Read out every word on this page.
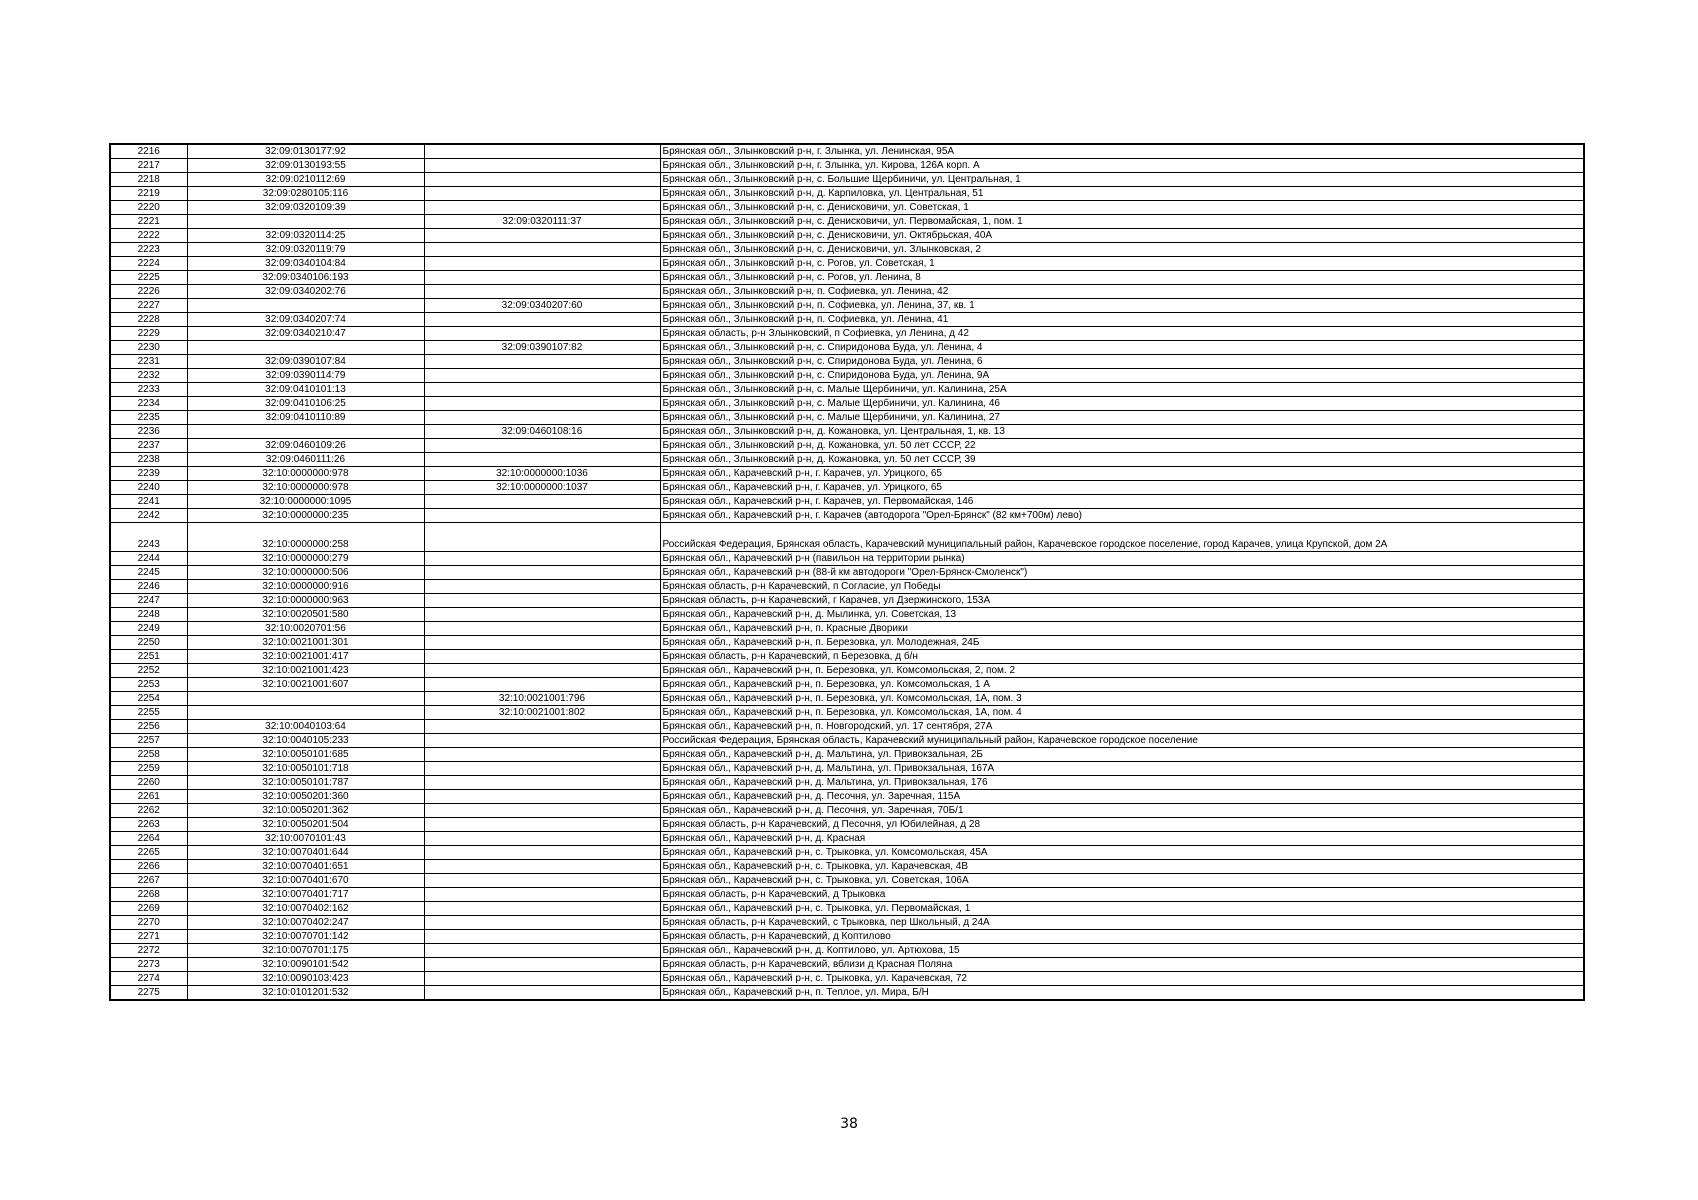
2216	32:09:0130177:92		Брянская обл., Злынковский р-н, г. Злынка, ул. Ленинская, 95А
2217	32:09:0130193:55		Брянская обл., Злынковский р-н, г. Злынка, ул. Кирова, 126А корп. А
2218	32:09:0210112:69		Брянская обл., Злынковский р-н, с. Большие Щербиничи, ул. Центральная, 1
2219	32:09:0280105:116		Брянская обл., Злынковский р-н, д. Карпиловка, ул. Центральная, 51
2220	32:09:0320109:39		Брянская обл., Злынковский р-н, с. Денисковичи, ул. Советская, 1
2221		32:09:0320111:37	Брянская обл., Злынковский р-н, с. Денисковичи, ул. Первомайская, 1, пом. 1
2222	32:09:0320114:25		Брянская обл., Злынковский р-н, с. Денисковичи, ул. Октябрьская, 40А
2223	32:09:0320119:79		Брянская обл., Злынковский р-н, с. Денисковичи, ул. Злынковская, 2
2224	32:09:0340104:84		Брянская обл., Злынковский р-н, с. Рогов, ул. Советская, 1
2225	32:09:0340106:193		Брянская обл., Злынковский р-н, с. Рогов, ул. Ленина, 8
2226	32:09:0340202:76		Брянская обл., Злынковский р-н, п. Софиевка, ул. Ленина, 42
2227		32:09:0340207:60	Брянская обл., Злынковский р-н, п. Софиевка, ул. Ленина, 37, кв. 1
2228	32:09:0340207:74		Брянская обл., Злынковский р-н, п. Софиевка, ул. Ленина, 41
2229	32:09:0340210:47		Брянская область, р-н Злынковский, п Софиевка, ул Ленина, д 42
2230		32:09:0390107:82	Брянская обл., Злынковский р-н, с. Спиридонова Буда, ул. Ленина, 4
2231	32:09:0390107:84		Брянская обл., Злынковский р-н, с. Спиридонова Буда, ул. Ленина, 6
2232	32:09:0390114:79		Брянская обл., Злынковский р-н, с. Спиридонова Буда, ул. Ленина, 9А
2233	32:09:0410101:13		Брянская обл., Злынковский р-н, с. Малые Щербиничи, ул. Калинина, 25А
2234	32:09:0410106:25		Брянская обл., Злынковский р-н, с. Малые Щербиничи, ул. Калинина, 46
2235	32:09:0410110:89		Брянская обл., Злынковский р-н, с. Малые Щербиничи, ул. Калинина, 27
2236		32:09:0460108:16	Брянская обл., Злынковский р-н, д. Кожановка, ул. Центральная, 1, кв. 13
2237	32:09:0460109:26		Брянская обл., Злынковский р-н, д. Кожановка, ул. 50 лет СССР, 22
2238	32:09:0460111:26		Брянская обл., Злынковский р-н, д. Кожановка, ул. 50 лет СССР, 39
2239	32:10:0000000:978	32:10:0000000:1036	Брянская обл., Карачевский р-н, г. Карачев, ул. Урицкого, 65
2240	32:10:0000000:978	32:10:0000000:1037	Брянская обл., Карачевский р-н, г. Карачев, ул. Урицкого, 65
2241	32:10:0000000:1095		Брянская обл., Карачевский р-н, г. Карачев, ул. Первомайская, 146
2242	32:10:0000000:235		Брянская обл., Карачевский р-н, г. Карачев (автодорога "Орел-Брянск" (82 км+700м) лево)
2243	32:10:0000000:258		Российская Федерация, Брянская область, Карачевский муниципальный район, Карачевское городское поселение, город Карачев, улица Крупской, дом 2А
2244	32:10:0000000:279		Брянская обл., Карачевский р-н (павильон на территории рынка)
2245	32:10:0000000:506		Брянская обл., Карачевский р-н (88-й км автодороги "Орел-Брянск-Смоленск")
2246	32:10:0000000:916		Брянская область, р-н Карачевский, п Согласие, ул Победы
2247	32:10:0000000:963		Брянская область, р-н Карачевский, г Карачев, ул Дзержинского, 153А
2248	32:10:0020501:580		Брянская обл., Карачевский р-н, д. Мылинка, ул. Советская, 13
2249	32:10:0020701:56		Брянская обл., Карачевский р-н, п. Красные Дворики
2250	32:10:0021001:301		Брянская обл., Карачевский р-н, п. Березовка, ул. Молодежная, 24Б
2251	32:10:0021001:417		Брянская область, р-н Карачевский, п Березовка, д б/н
2252	32:10:0021001:423		Брянская обл., Карачевский р-н, п. Березовка, ул. Комсомольская, 2, пом. 2
2253	32:10:0021001:607		Брянская обл., Карачевский р-н, п. Березовка, ул. Комсомольская, 1 А
2254		32:10:0021001:796	Брянская обл., Карачевский р-н, п. Березовка, ул. Комсомольская, 1А, пом. 3
2255		32:10:0021001:802	Брянская обл., Карачевский р-н, п. Березовка, ул. Комсомольская, 1А, пом. 4
2256	32:10:0040103:64		Брянская обл., Карачевский р-н, п. Новгородский, ул. 17 сентября, 27А
2257	32:10:0040105:233		Российская Федерация, Брянская область, Карачевский муниципальный район, Карачевское городское поселение
2258	32:10:0050101:685		Брянская обл., Карачевский р-н, д. Мальтина, ул. Привокзальная, 2Б
2259	32:10:0050101:718		Брянская обл., Карачевский р-н, д. Мальтина, ул. Привокзальная, 167А
2260	32:10:0050101:787		Брянская обл., Карачевский р-н, д. Мальтина, ул. Привокзальная, 176
2261	32:10:0050201:360		Брянская обл., Карачевский р-н, д. Песочня, ул. Заречная, 115А
2262	32:10:0050201:362		Брянская обл., Карачевский р-н, д. Песочня, ул. Заречная, 70Б/1
2263	32:10:0050201:504		Брянская область, р-н Карачевский, д Песочня, ул Юбилейная, д 28
2264	32:10:0070101:43		Брянская обл., Карачевский р-н, д. Красная
2265	32:10:0070401:644		Брянская обл., Карачевский р-н, с. Трыковка, ул. Комсомольская, 45А
2266	32:10:0070401:651		Брянская обл., Карачевский р-н, с. Трыковка, ул. Карачевская, 4В
2267	32:10:0070401:670		Брянская обл., Карачевский р-н, с. Трыковка, ул. Советская, 106А
2268	32:10:0070401:717		Брянская область, р-н Карачевский, д Трыковка
2269	32:10:0070402:162		Брянская обл., Карачевский р-н, с. Трыковка, ул. Первомайская, 1
2270	32:10:0070402:247		Брянская область, р-н Карачевский, с Трыковка, пер Школьный, д 24А
2271	32:10:0070701:142		Брянская область, р-н Карачевский, д Коптилово
2272	32:10:0070701:175		Брянская обл., Карачевский р-н, д. Коптилово, ул. Артюхова, 15
2273	32:10:0090101:542		Брянская область, р-н Карачевский, вблизи д Красная Поляна
2274	32:10:0090103:423		Брянская обл., Карачевский р-н, с. Трыковка, ул. Карачевская, 72
2275	32:10:0101201:532		Брянская обл., Карачевский р-н, п. Теплое, ул. Мира, Б/Н
38
